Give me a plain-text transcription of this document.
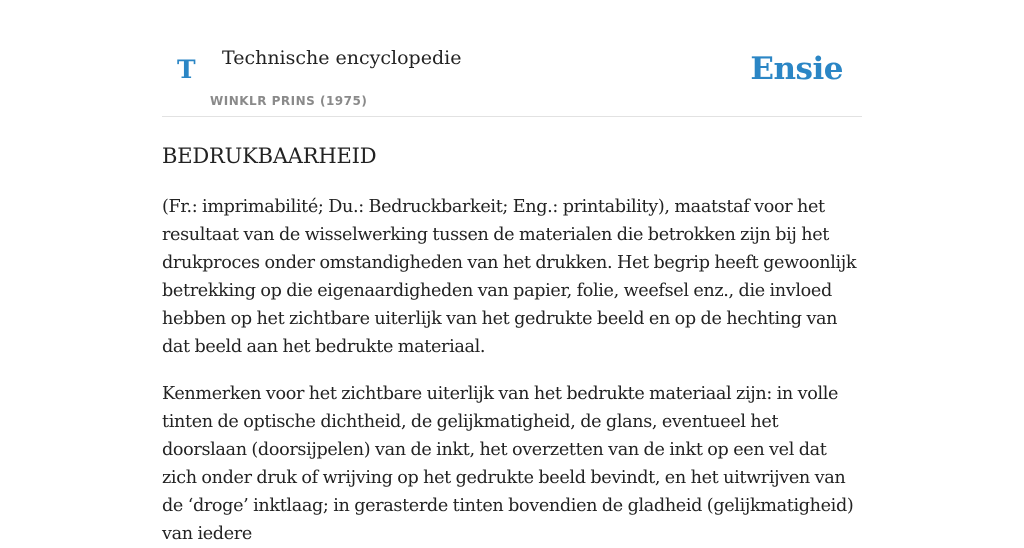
T Technische encyclopedie
WINKLR PRINS (1975)
Ensie
BEDRUKBAARHEID

(Fr.: imprimabilité; Du.: Bedruckbarkeit; Eng.: printability), maatstaf voor het resultaat van de wisselwerking tussen de materialen die betrokken zijn bij het drukproces onder omstandigheden van het drukken. Het begrip heeft gewoonlijk betrekking op die eigenaardigheden van papier, folie, weefsel enz., die invloed hebben op het zichtbare uiterlijk van het gedrukte beeld en op de hechting van dat beeld aan het bedrukte materiaal.

Kenmerken voor het zichtbare uiterlijk van het bedrukte materiaal zijn: in volle tinten de optische dichtheid, de gelijkmatigheid, de glans, eventueel het doorslaan (doorsijpelen) van de inkt, het overzetten van de inkt op een vel dat zich onder druk of wrijving op het gedrukte beeld bevindt, en het uitwrijven van de ‘droge’ inktlaag; in gerasterde tinten bovendien de gladheid (gelijkmatigheid) van iedere
